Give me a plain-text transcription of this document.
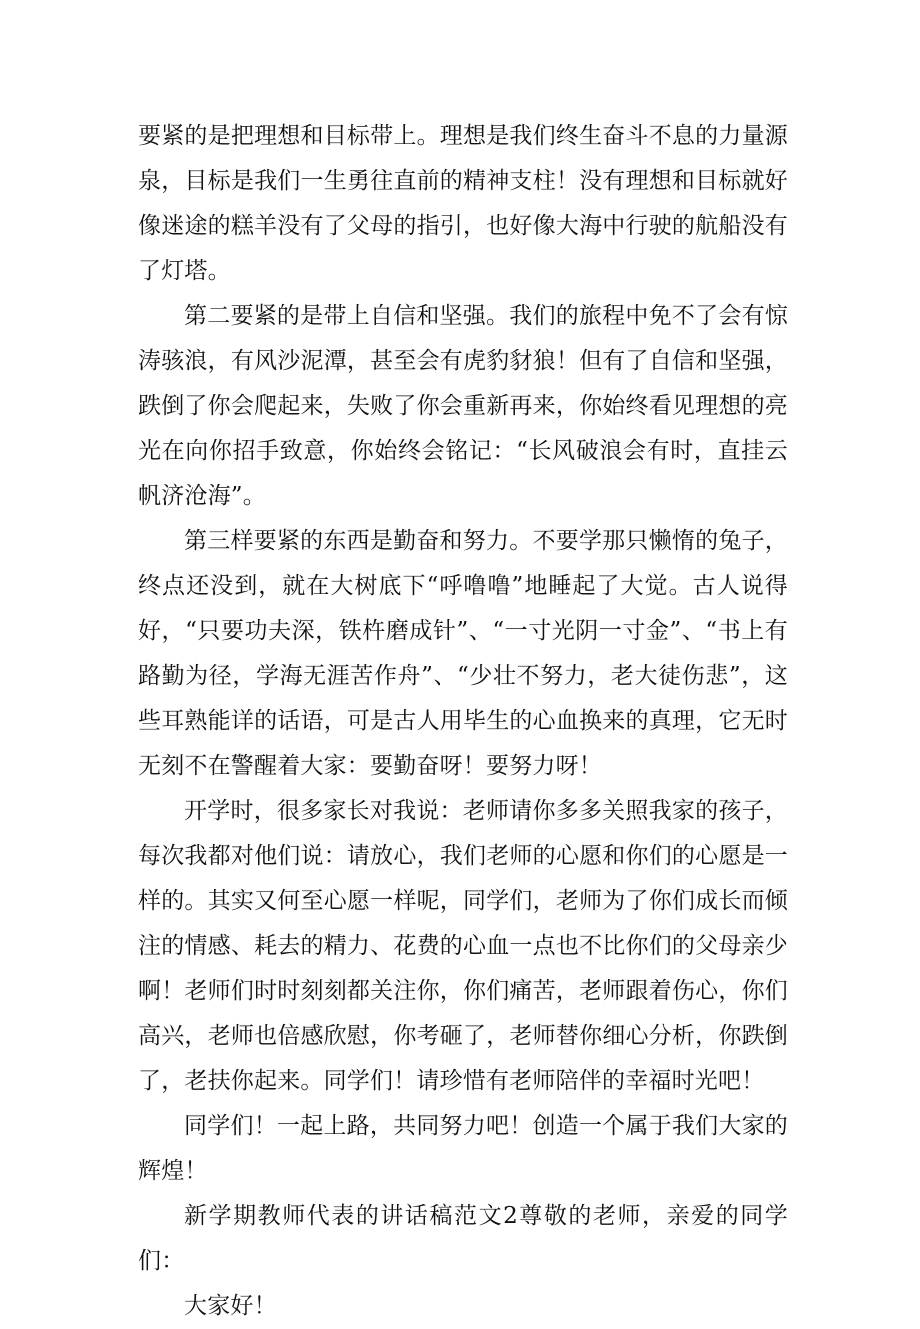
要紧的是把理想和目标带上。理想是我们终生奋斗不息的力量源泉，目标是我们一生勇往直前的精神支柱！没有理想和目标就好像迷途的糕羊没有了父母的指引，也好像大海中行驶的航船没有了灯塔。

第二要紧的是带上自信和坚强。我们的旅程中免不了会有惊涛骇浪，有风沙泥潭，甚至会有虎豹豺狼！但有了自信和坚强，跌倒了你会爬起来，失败了你会重新再来，你始终看见理想的亮光在向你招手致意，你始终会铭记：“长风破浪会有时，直挂云帆济沧海”。

第三样要紧的东西是勤奋和努力。不要学那只懒惰的兔子，终点还没到，就在大树底下“呼噜噜”地睡起了大觉。古人说得好，“只要功夫深，铁杵磨成针”、“一寸光阴一寸金”、“书上有路勤为径，学海无涯苦作舟”、“少壮不努力，老大徒伤悲”，这些耳熟能详的话语，可是古人用毕生的心血换来的真理，它无时无刻不在警醒着大家：要勤奋呀！要努力呀！

开学时，很多家长对我说：老师请你多多关照我家的孩子，每次我都对他们说：请放心，我们老师的心愿和你们的心愿是一样的。其实又何至心愿一样呢，同学们，老师为了你们成长而倾注的情感、耗去的精力、花费的心血一点也不比你们的父母亲少啊！老师们时时刻刻都关注你，你们痛苦，老师跟着伤心，你们高兴，老师也倍感欣慰，你考砸了，老师替你细心分析，你跌倒了，老扶你起来。同学们！请珍惜有老师陪伴的幸福时光吧！

同学们！一起上路，共同努力吧！创造一个属于我们大家的辉煌！

新学期教师代表的讲话稿范文2尊敬的老师，亲爱的同学们：

大家好！
